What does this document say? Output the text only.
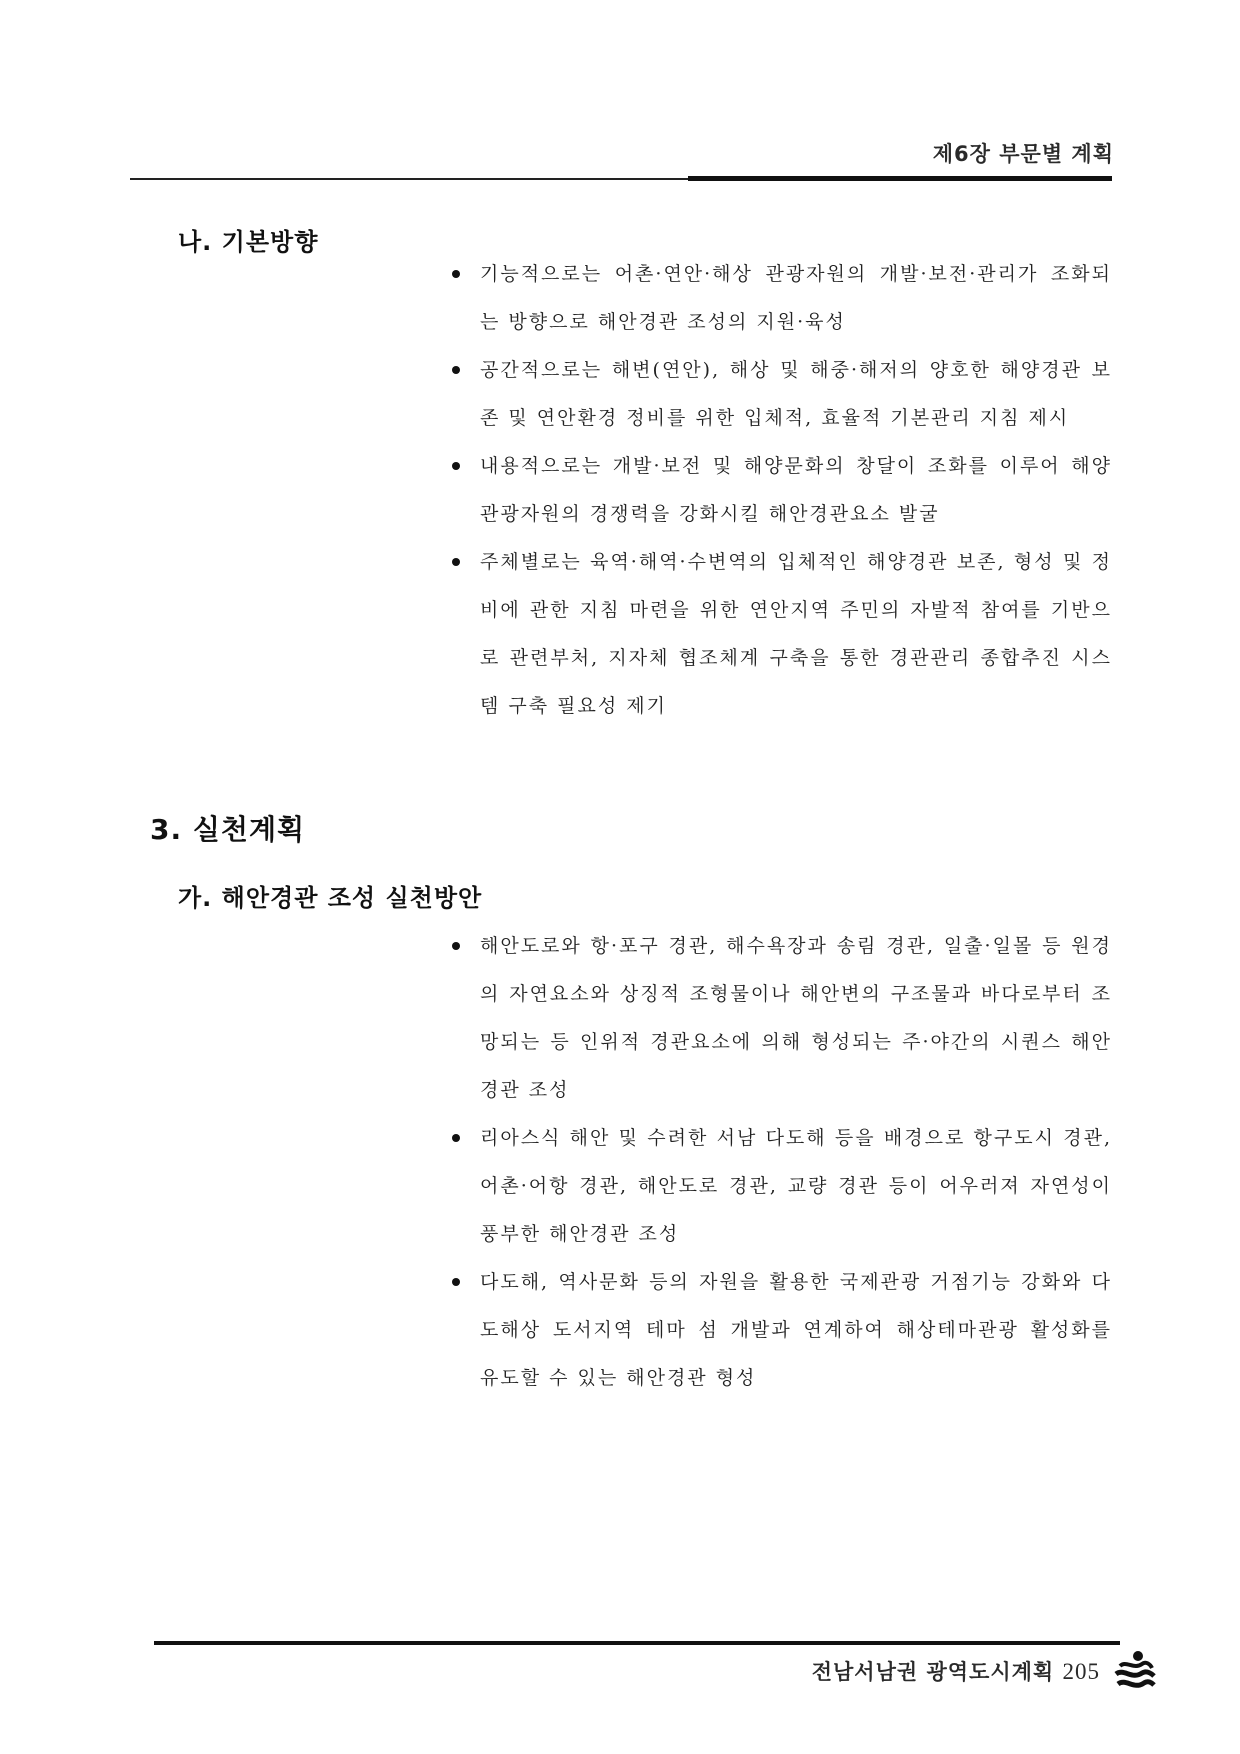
제6장 부문별 계획
나. 기본방향
기능적으로는 어촌·연안·해상 관광자원의 개발·보전·관리가 조화되는 방향으로 해안경관 조성의 지원·육성
공간적으로는 해변(연안), 해상 및 해중·해저의 양호한 해양경관 보존 및 연안환경 정비를 위한 입체적, 효율적 기본관리 지침 제시
내용적으로는 개발·보전 및 해양문화의 창달이 조화를 이루어 해양관광자원의 경쟁력을 강화시킬 해안경관요소 발굴
주체별로는 육역·해역·수변역의 입체적인 해양경관 보존, 형성 및 정비에 관한 지침 마련을 위한 연안지역 주민의 자발적 참여를 기반으로 관련부처, 지자체 협조체계 구축을 통한 경관관리 종합추진 시스템 구축 필요성 제기
3. 실천계획
가. 해안경관 조성 실천방안
해안도로와 항·포구 경관, 해수욕장과 송림 경관, 일출·일몰 등 원경의 자연요소와 상징적 조형물이나 해안변의 구조물과 바다로부터 조망되는 등 인위적 경관요소에 의해 형성되는 주·야간의 시퀀스 해안경관 조성
리아스식 해안 및 수려한 서남 다도해 등을 배경으로 항구도시 경관, 어촌·어항 경관, 해안도로 경관, 교량 경관 등이 어우러져 자연성이 풍부한 해안경관 조성
다도해, 역사문화 등의 자원을 활용한 국제관광 거점기능 강화와 다도해상 도서지역 테마 섬 개발과 연계하여 해상테마관광 활성화를 유도할 수 있는 해안경관 형성
전남서남권 광역도시계획 205
